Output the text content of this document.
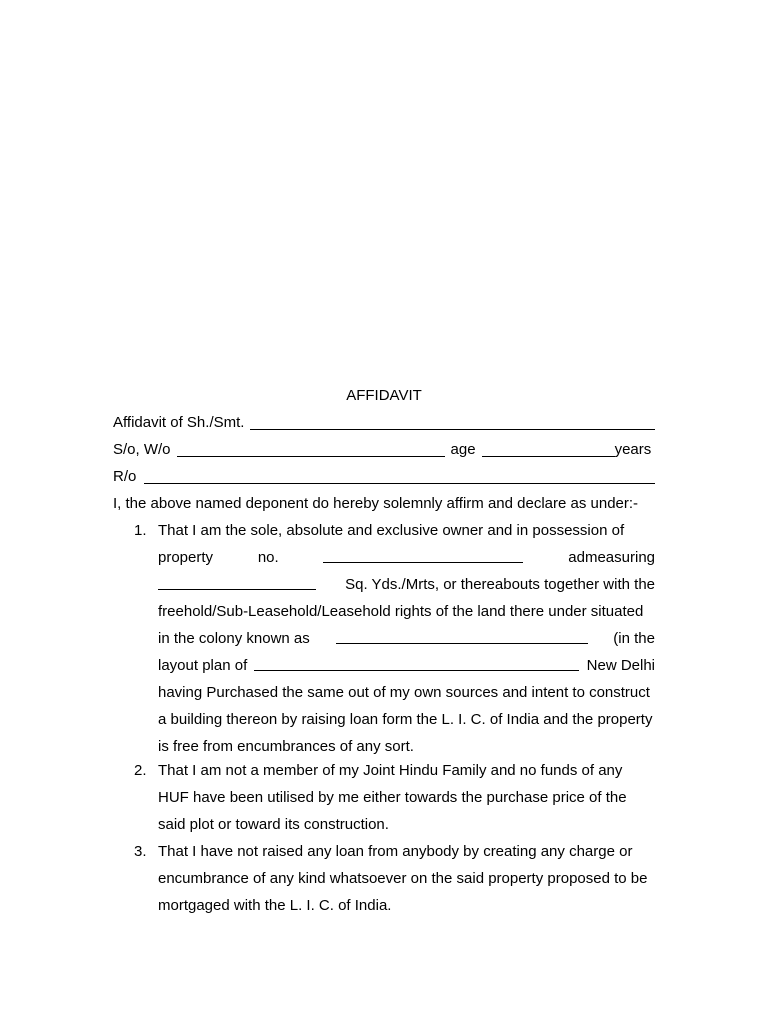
AFFIDAVIT
Affidavit of Sh./Smt.
S/o, W/o	age	years
R/o
I, the above named deponent do hereby solemnly affirm and declare as under:-
1. That I am the sole, absolute and exclusive owner and in possession of
property	no.	admeasuring
Sq. Yds./Mrts, or thereabouts together with the
freehold/Sub-Leasehold/Leasehold rights of the land there under situated
in the colony known as	(in the
layout plan of	New Delhi
having Purchased the same out of my own sources and intent to construct
a building thereon by raising loan form the L. I. C. of India and the property
is free from encumbrances of any sort.
2. That I am not a member of my Joint Hindu Family and no funds of any
HUF have been utilised by me either towards the purchase price of the
said plot or toward its construction.
3. That I have not raised any loan from anybody by creating any charge or
encumbrance of any kind whatsoever on the said property proposed to be
mortgaged with the L. I. C. of India.
